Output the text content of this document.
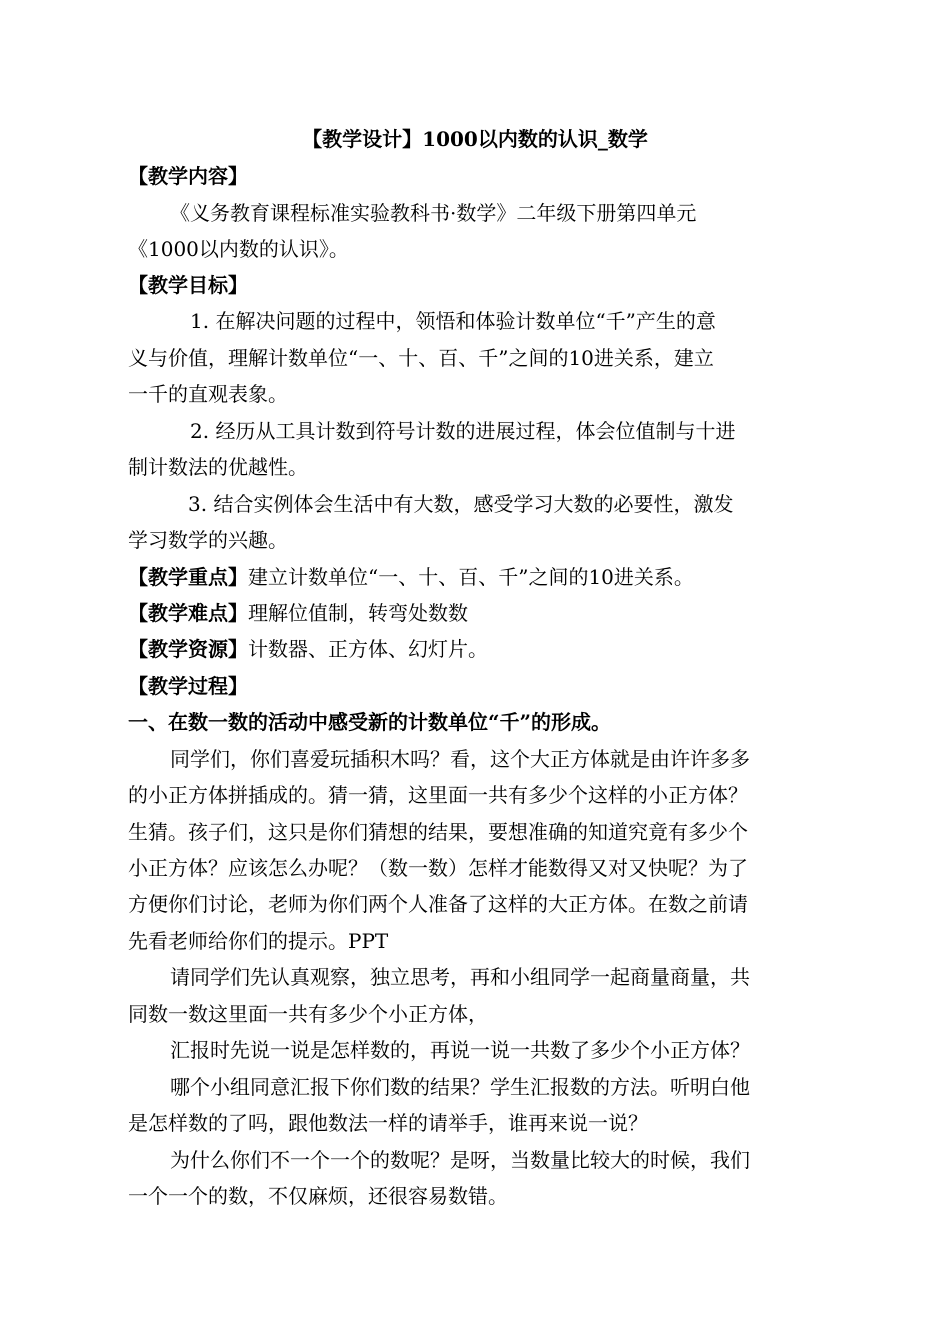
【教学设计】1000以内数的认识_数学
【教学内容】
《义务教育课程标准实验教科书·数学》二年级下册第四单元
《1000以内数的认识》。
【教学目标】
1. 在解决问题的过程中，领悟和体验计数单位“千”产生的意
义与价值，理解计数单位“一、十、百、千”之间的10进关系，建立
一千的直观表象。
2. 经历从工具计数到符号计数的进展过程，体会位值制与十进
制计数法的优越性。
3. 结合实例体会生活中有大数，感受学习大数的必要性，激发
学习数学的兴趣。
【教学重点】建立计数单位“一、十、百、千”之间的10进关系。
【教学难点】理解位值制，转弯处数数
【教学资源】计数器、正方体、幻灯片。
【教学过程】
一、在数一数的活动中感受新的计数单位“千”的形成。
同学们，你们喜爱玩插积木吗？看，这个大正方体就是由许许多多
的小正方体拼插成的。猜一猜，这里面一共有多少个这样的小正方体？
生猜。孩子们，这只是你们猜想的结果，要想准确的知道究竟有多少个
小正方体？应该怎么办呢？（数一数）怎样才能数得又对又快呢？为了
方便你们讨论，老师为你们两个人准备了这样的大正方体。在数之前请
先看老师给你们的提示。PPT
请同学们先认真观察，独立思考，再和小组同学一起商量商量，共
同数一数这里面一共有多少个小正方体，
汇报时先说一说是怎样数的，再说一说一共数了多少个小正方体？
哪个小组同意汇报下你们数的结果？学生汇报数的方法。听明白他
是怎样数的了吗，跟他数法一样的请举手，谁再来说一说？
为什么你们不一个一个的数呢？是呀，当数量比较大的时候，我们
一个一个的数，不仅麻烦，还很容易数错。
